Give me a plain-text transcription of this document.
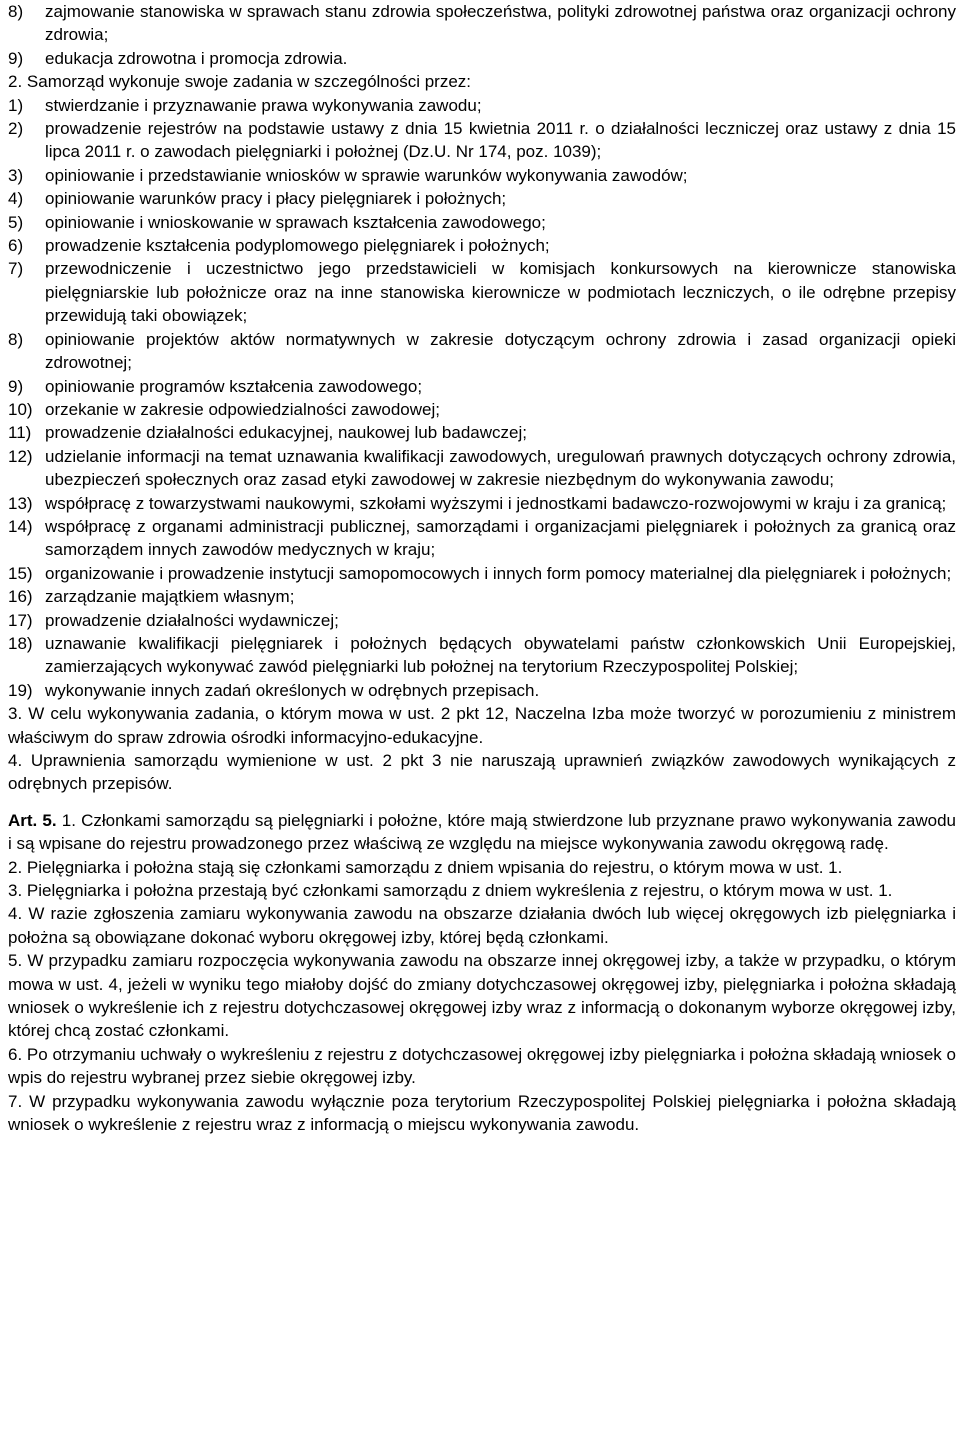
8)	zajmowanie stanowiska w sprawach stanu zdrowia społeczeństwa, polityki zdrowotnej państwa oraz organizacji ochrony zdrowia;
9)	edukacja zdrowotna i promocja zdrowia.

2. Samorząd wykonuje swoje zadania w szczególności przez:

1)	stwierdzanie i przyznawanie prawa wykonywania zawodu;
2)	prowadzenie rejestrów na podstawie ustawy z dnia 15 kwietnia 2011 r. o działalności leczniczej oraz ustawy z dnia 15 lipca 2011 r. o zawodach pielęgniarki i położnej (Dz.U. Nr 174, poz. 1039);
3)	opiniowanie i przedstawianie wniosków w sprawie warunków wykonywania zawodów;
4)	opiniowanie warunków pracy i płacy pielęgniarek i położnych;
5)	opiniowanie i wnioskowanie w sprawach kształcenia zawodowego;
6)	prowadzenie kształcenia podyplomowego pielęgniarek i położnych;
7)	przewodniczenie i uczestnictwo jego przedstawicieli w komisjach konkursowych na kierownicze stanowiska pielęgniarskie lub położnicze oraz na inne stanowiska kierownicze w podmiotach leczniczych, o ile odrębne przepisy przewidują taki obowiązek;
8)	opiniowanie projektów aktów normatywnych w zakresie dotyczącym ochrony zdrowia i zasad organizacji opieki zdrowotnej;
9)	opiniowanie programów kształcenia zawodowego;
10) orzekanie w zakresie odpowiedzialności zawodowej;
11) prowadzenie działalności edukacyjnej, naukowej lub badawczej;
12) udzielanie informacji na temat uznawania kwalifikacji zawodowych, uregulowań prawnych dotyczących ochrony zdrowia, ubezpieczeń społecznych oraz zasad etyki zawodowej w zakresie niezbędnym do wykonywania zawodu;
13) współpracę z towarzystwami naukowymi, szkołami wyższymi i jednostkami badawczo-rozwojowymi w kraju i za granicą;
14) współpracę z organami administracji publicznej, samorządami i organizacjami pielęgniarek i położnych za granicą oraz samorządem innych zawodów medycznych w kraju;
15) organizowanie i prowadzenie instytucji samopomocowych i innych form pomocy materialnej dla pielęgniarek i położnych;
16) zarządzanie majątkiem własnym;
17) prowadzenie działalności wydawniczej;
18) uznawanie kwalifikacji pielęgniarek i położnych będących obywatelami państw członkowskich Unii Europejskiej, zamierzających wykonywać zawód pielęgniarki lub położnej na terytorium Rzeczypospolitej Polskiej;
19) wykonywanie innych zadań określonych w odrębnych przepisach.

3. W celu wykonywania zadania, o którym mowa w ust. 2 pkt 12, Naczelna Izba może tworzyć w porozumieniu z ministrem właściwym do spraw zdrowia ośrodki informacyjno-edukacyjne.

4. Uprawnienia samorządu wymienione w ust. 2 pkt 3 nie naruszają uprawnień związków zawodowych wynikających z odrębnych przepisów.

Art. 5. 1. Członkami samorządu są pielęgniarki i położne, które mają stwierdzone lub przyznane prawo wykonywania zawodu i są wpisane do rejestru prowadzonego przez właściwą ze względu na miejsce wykonywania zawodu okręgową radę.

2. Pielęgniarka i położna stają się członkami samorządu z dniem wpisania do rejestru, o którym mowa w ust. 1.

3. Pielęgniarka i położna przestają być członkami samorządu z dniem wykreślenia z rejestru, o którym mowa w ust. 1.

4. W razie zgłoszenia zamiaru wykonywania zawodu na obszarze działania dwóch lub więcej okręgowych izb pielęgniarka i położna są obowiązane dokonać wyboru okręgowej izby, której będą członkami.

5. W przypadku zamiaru rozpoczęcia wykonywania zawodu na obszarze innej okręgowej izby, a także w przypadku, o którym mowa w ust. 4, jeżeli w wyniku tego miałoby dojść do zmiany dotychczasowej okręgowej izby, pielęgniarka i położna składają wniosek o wykreślenie ich z rejestru dotychczasowej okręgowej izby wraz z informacją o dokonanym wyborze okręgowej izby, której chcą zostać członkami.

6. Po otrzymaniu uchwały o wykreśleniu z rejestru z dotychczasowej okręgowej izby pielęgniarka i położna składają wniosek o wpis do rejestru wybranej przez siebie okręgowej izby.

7. W przypadku wykonywania zawodu wyłącznie poza terytorium Rzeczypospolitej Polskiej pielęgniarka i położna składają wniosek o wykreślenie z rejestru wraz z informacją o miejscu wykonywania zawodu.
